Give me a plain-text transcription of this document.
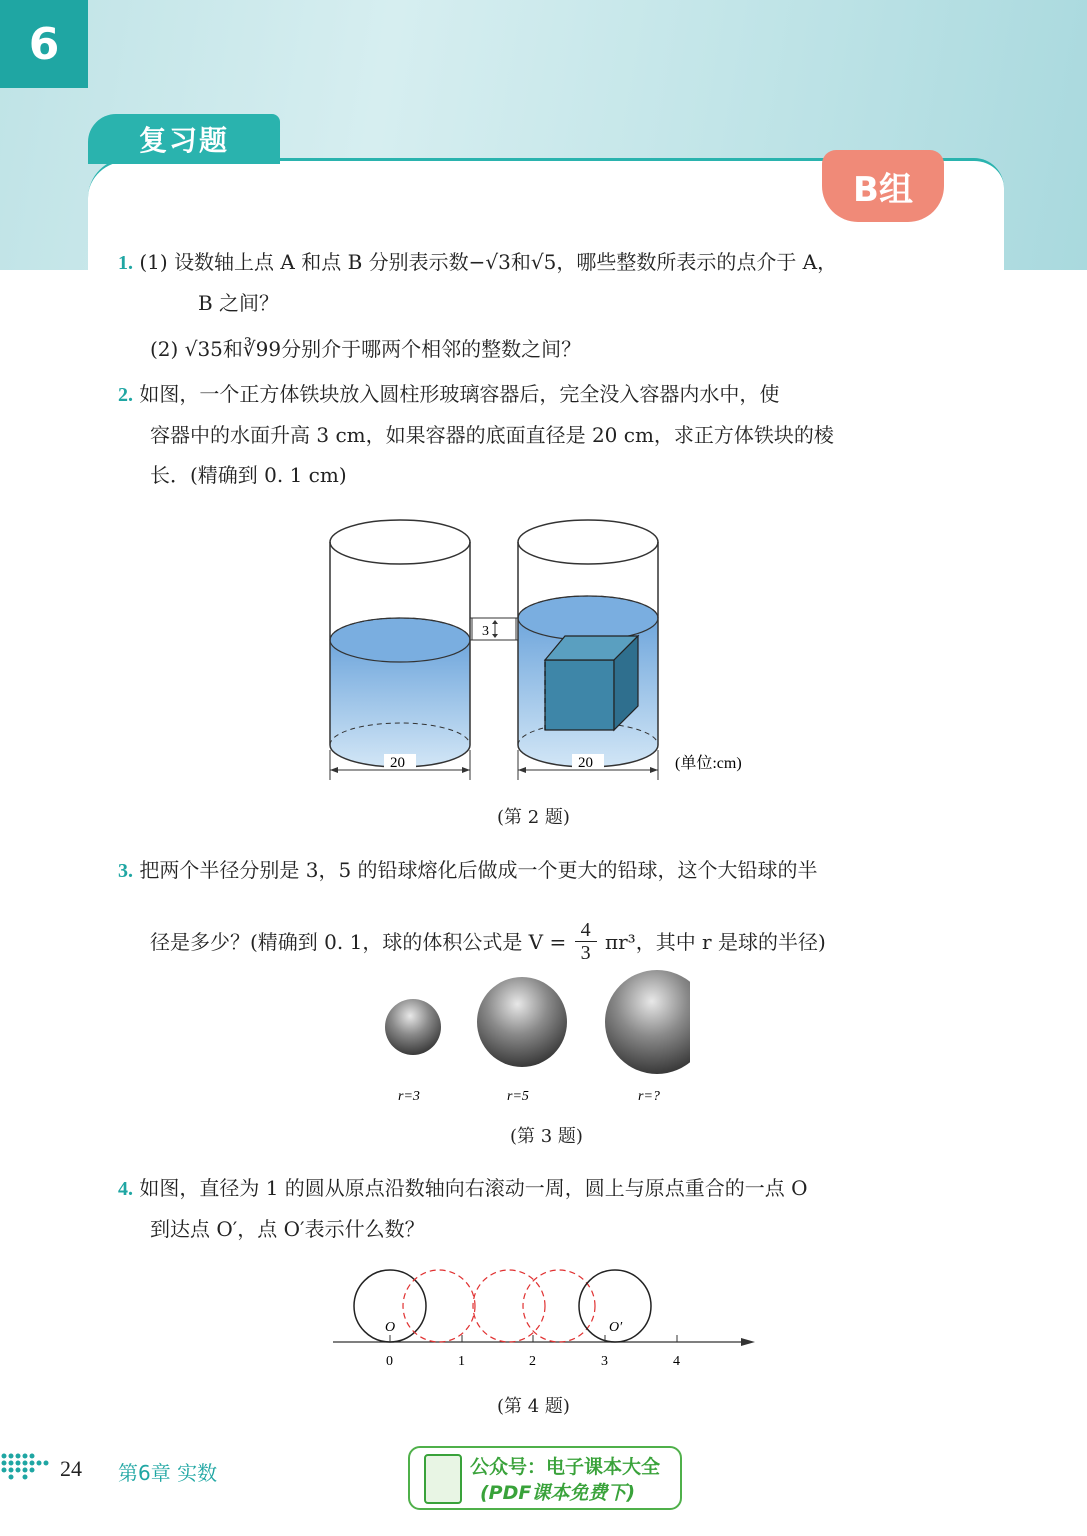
6
复习题
B组
1. (1) 设数轴上点 A 和点 B 分别表示数−√3和√5，哪些整数所表示的点介于 A，
B 之间？
(2) √35和∛99分别介于哪两个相邻的整数之间？
2. 如图，一个正方体铁块放入圆柱形玻璃容器后，完全没入容器内水中，使
容器中的水面升高 3 cm，如果容器的底面直径是 20 cm，求正方体铁块的棱
长．(精确到 0. 1 cm)
3
20	20	(单位:cm)
(第 2 题)
3. 把两个半径分别是 3，5 的铅球熔化后做成一个更大的铅球，这个大铅球的半
径是多少？(精确到 0. 1，球的体积公式是 $V = \frac{4}{3} \pi r^3$，其中 r 是球的半径)
r=3	r=5	r=?
(第 3 题)
4. 如图，直径为 1 的圆从原点沿数轴向右滚动一周，圆上与原点重合的一点 O
到达点 O′，点 O′表示什么数？
O	O′
0	1	2	3	4
(第 4 题)
24 第6章 实数	公众号：电子课本大全
(PDF课本免费下)
